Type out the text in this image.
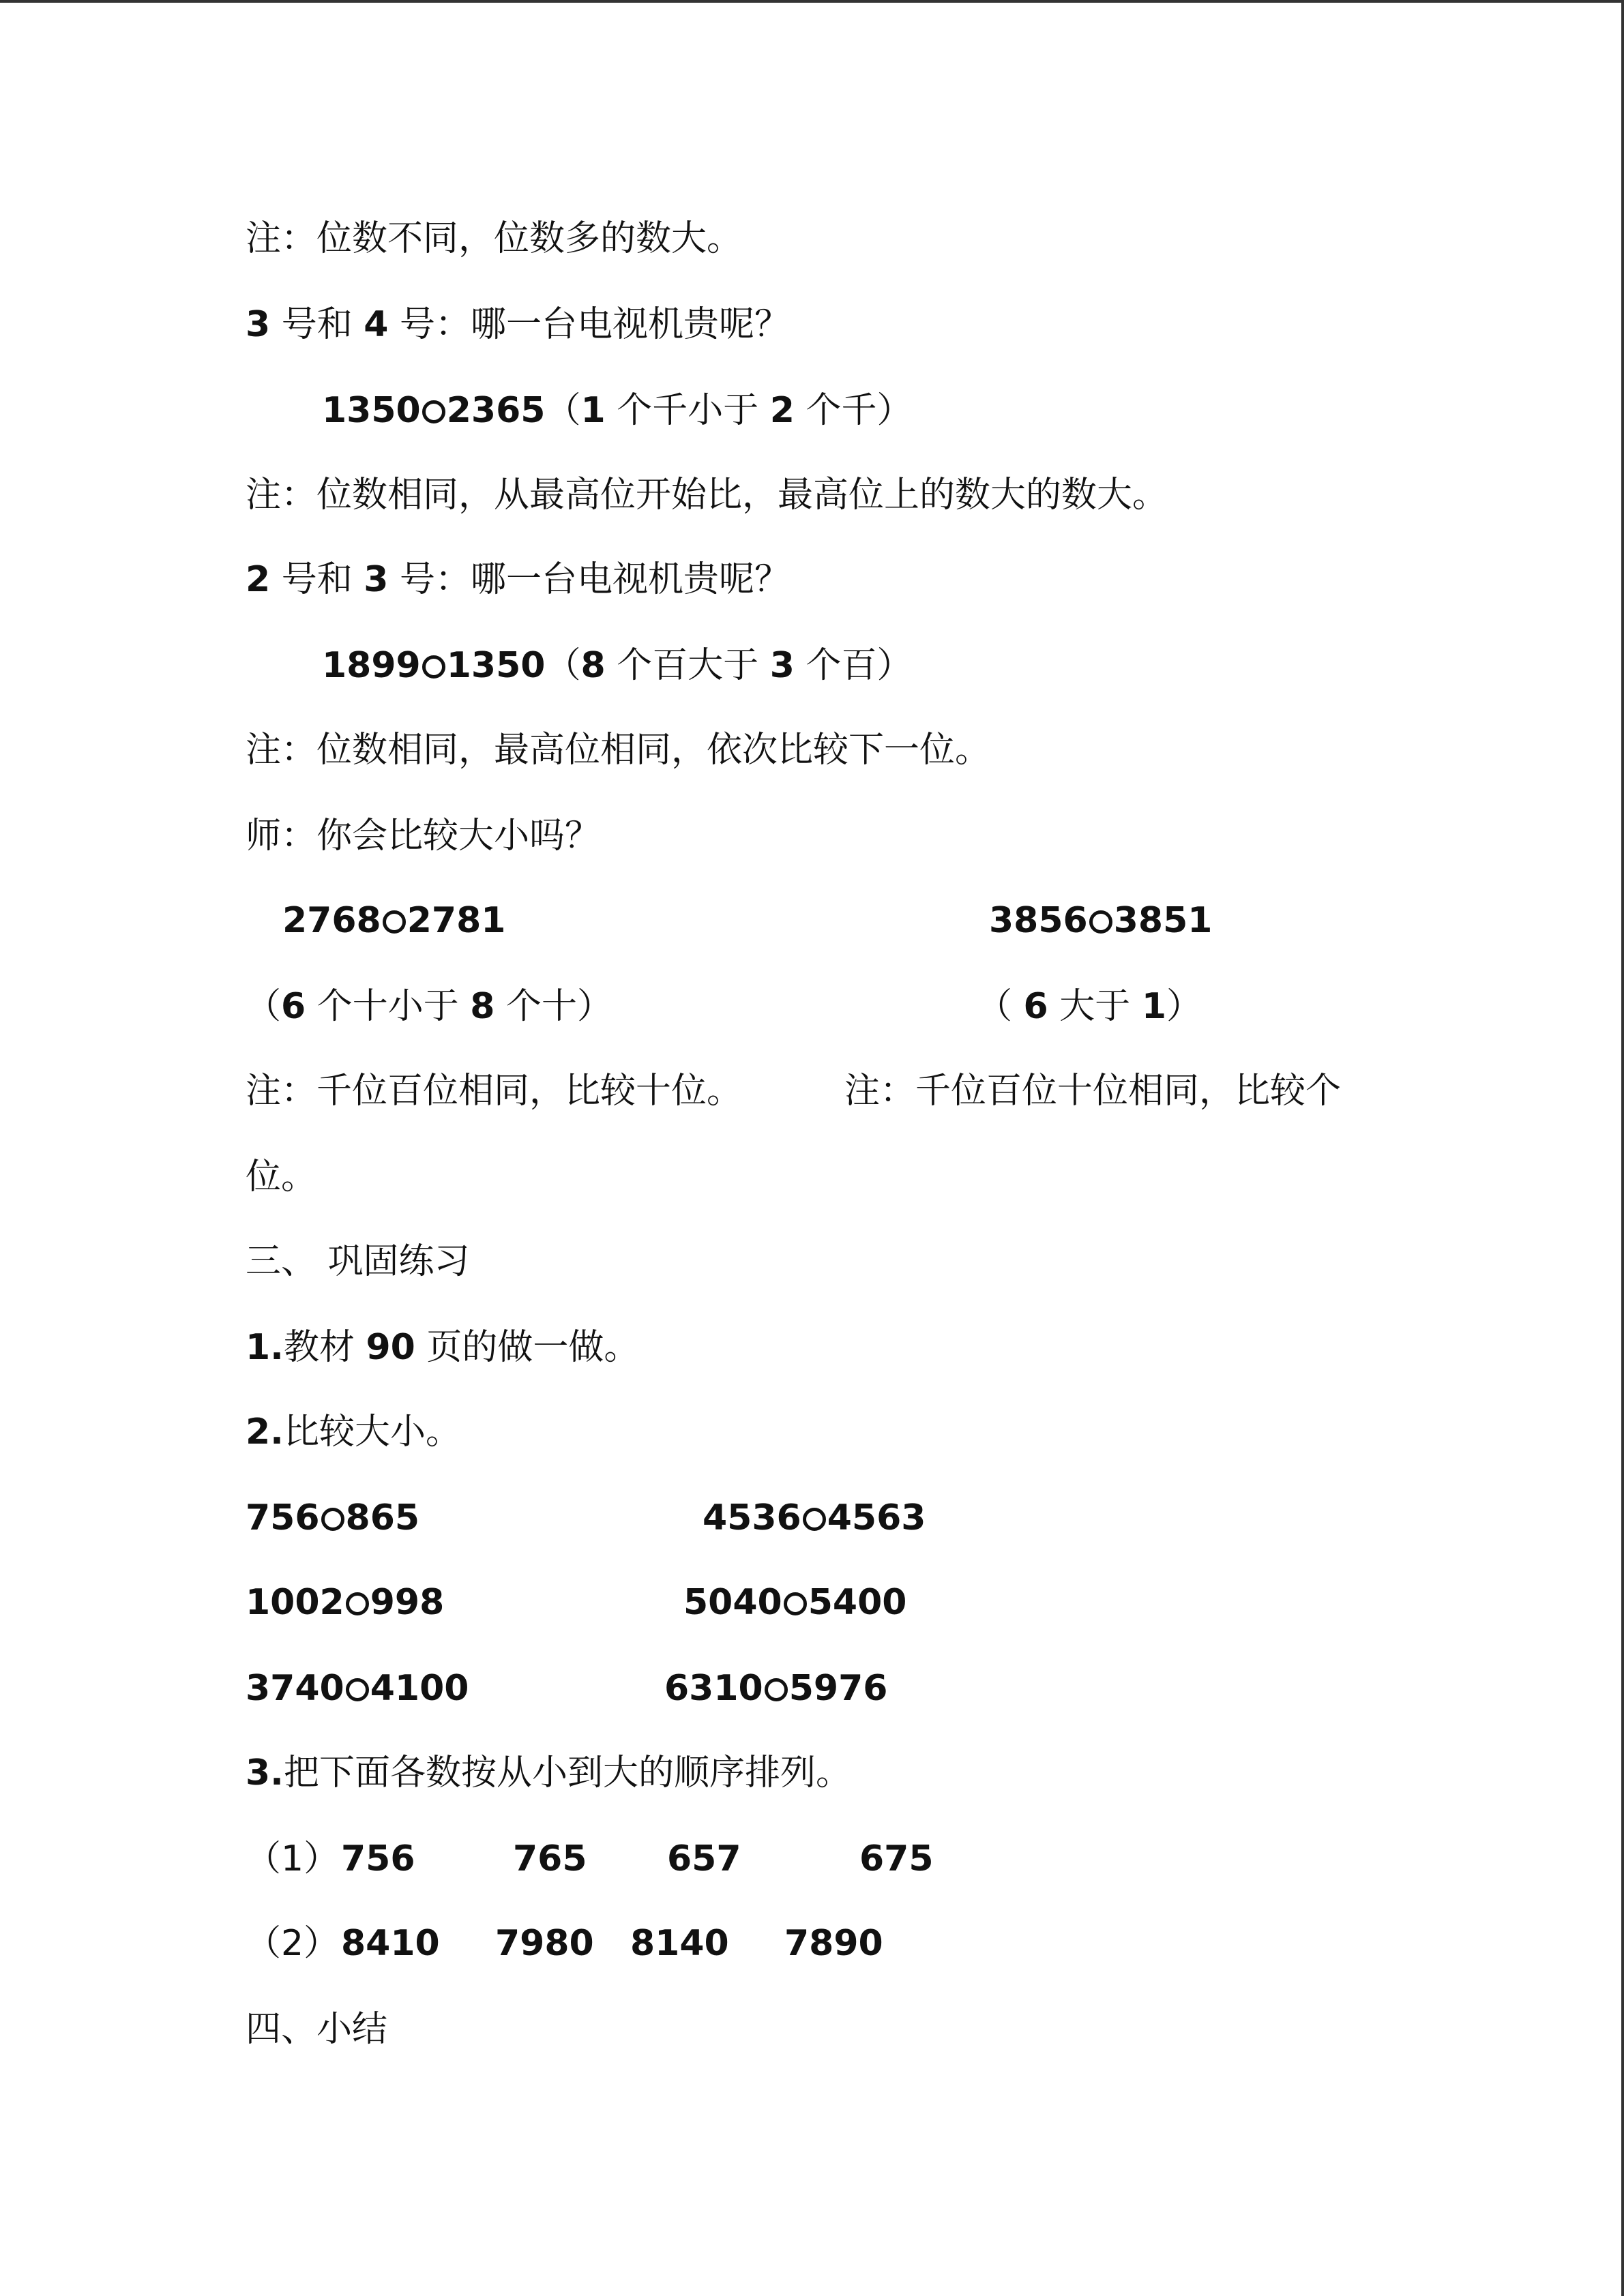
注：位数不同，位数多的数大。
3 号和 4 号：哪一台电视机贵呢？
1350 2365（1 个千小于 2 个千）
注：位数相同，从最高位开始比，最高位上的数大的数大。
2 号和 3 号：哪一台电视机贵呢？
1899 1350（8 个百大于 3 个百）
注：位数相同，最高位相同，依次比较下一位。
师：你会比较大小吗？
2768 2781	3856 3851
（6 个十小于 8 个十）	（ 6 大于 1）
注：千位百位相同，比较十位。	注：千位百位十位相同，比较个
位。
三、 巩固练习
1.教材 90 页的做一做。
2.比较大小。
756 865	4536 4563
1002 998	5040 5400
3740 4100	6310 5976
3.把下面各数按从小到大的顺序排列。
（1） 756	765 657	675
（2） 8410 7980 8140 7890
四、小结
